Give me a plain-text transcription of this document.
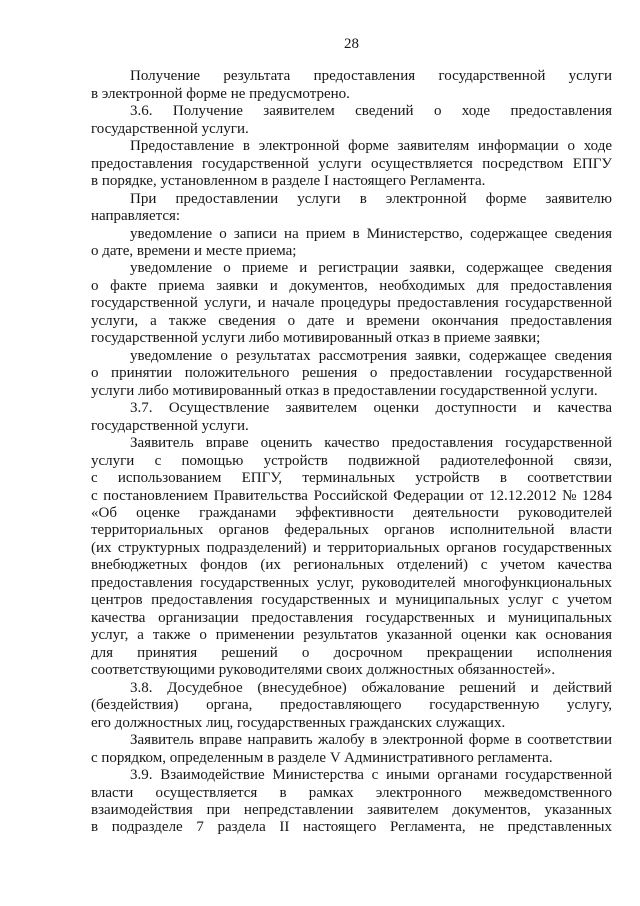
28
Получение результата предоставления государственной услуги
в электронной форме не предусмотрено.
3.6. Получение заявителем сведений о ходе предоставления
государственной услуги.
Предоставление в электронной форме заявителям информации о ходе
предоставления государственной услуги осуществляется посредством ЕПГУ
в порядке, установленном в разделе I настоящего Регламента.
При предоставлении услуги в электронной форме заявителю
направляется:
уведомление о записи на прием в Министерство, содержащее сведения
о дате, времени и месте приема;
уведомление о приеме и регистрации заявки, содержащее сведения
о факте приема заявки и документов, необходимых для предоставления
государственной услуги, и начале процедуры предоставления государственной
услуги, а также сведения о дате и времени окончания предоставления
государственной услуги либо мотивированный отказ в приеме заявки;
уведомление о результатах рассмотрения заявки, содержащее сведения
о принятии положительного решения о предоставлении государственной
услуги либо мотивированный отказ в предоставлении государственной услуги.
3.7. Осуществление заявителем оценки доступности и качества
государственной услуги.
Заявитель вправе оценить качество предоставления государственной
услуги с помощью устройств подвижной радиотелефонной связи,
с использованием ЕПГУ, терминальных устройств в соответствии
с постановлением Правительства Российской Федерации от 12.12.2012 № 1284
«Об оценке гражданами эффективности деятельности руководителей
территориальных органов федеральных органов исполнительной власти
(их структурных подразделений) и территориальных органов государственных
внебюджетных фондов (их региональных отделений) с учетом качества
предоставления государственных услуг, руководителей многофункциональных
центров предоставления государственных и муниципальных услуг с учетом
качества организации предоставления государственных и муниципальных
услуг, а также о применении результатов указанной оценки как основания
для принятия решений о досрочном прекращении исполнения
соответствующими руководителями своих должностных обязанностей».
3.8. Досудебное (внесудебное) обжалование решений и действий
(бездействия) органа, предоставляющего государственную услугу,
его должностных лиц, государственных гражданских служащих.
Заявитель вправе направить жалобу в электронной форме в соответствии
с порядком, определенным в разделе V Административного регламента.
3.9. Взаимодействие Министерства с иными органами государственной
власти осуществляется в рамках электронного межведомственного
взаимодействия при непредставлении заявителем документов, указанных
в подразделе 7 раздела II настоящего Регламента, не представленных
